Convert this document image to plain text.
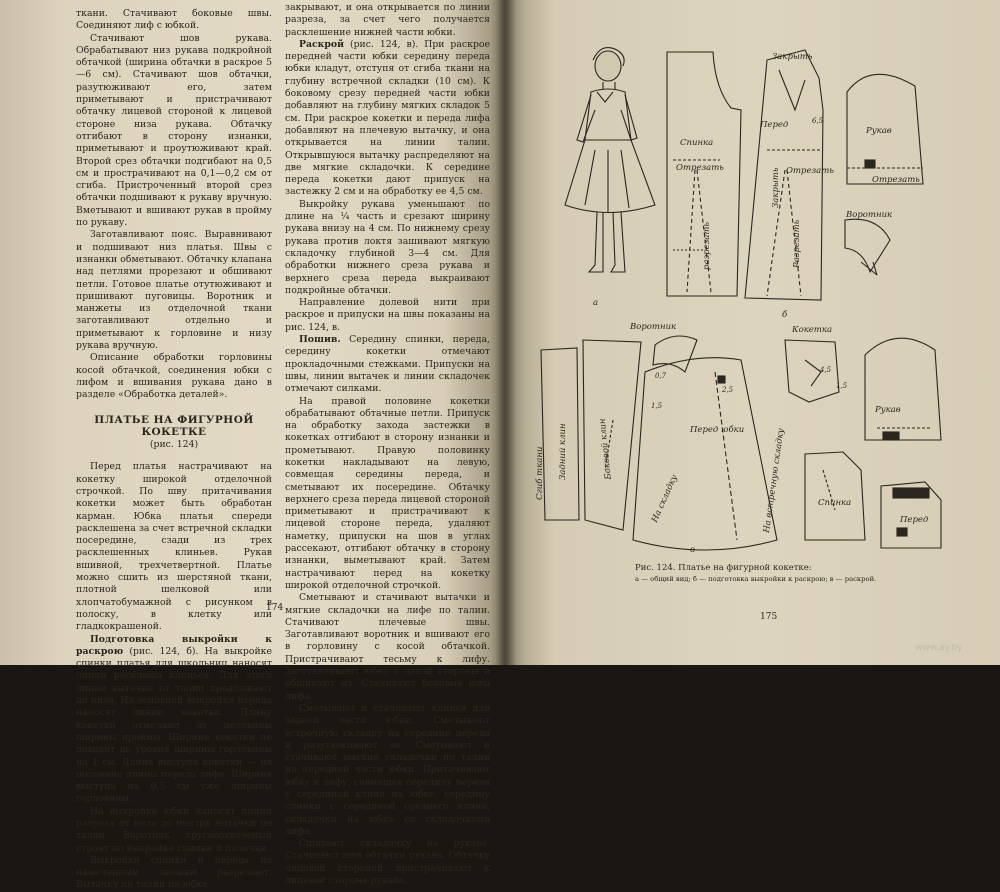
ткани. Стачивают боковые швы. Соединяют лиф с юбкой.

Стачивают шов рукава. Обрабатывают низ рукава подкройной обтачкой (ширина обтачки в раскрое 5—6 см). Стачивают шов обтачки, разутюживают его, затем приметывают и пристрачивают обтачку лицевой стороной к лицевой стороне низа рукава. Обтачку отгибают в сторону изнанки, приметывают и проутюживают край. Второй срез обтачки подгибают на 0,5 см и прострачивают на 0,1—0,2 см от сгиба. Пристроченный второй срез обтачки подшивают к рукаву вручную. Вметывают и вшивают рукав в пройму по рукаву.

Заготавливают пояс. Выравнивают и подшивают низ платья. Швы с изнанки обметывают. Обтачку клапана над петлями прорезают и обшивают петли. Готовое платье отутюживают и пришивают пуговицы. Воротник и манжеты из отделочной ткани заготавливают отдельно и приметывают к горловине и низу рукава вручную.

Описание обработки горловины косой обтачкой, соединения юбки с лифом и вшивания рукава дано в разделе «Обработка деталей».

ПЛАТЬЕ НА ФИГУРНОЙ КОКЕТКЕ
(рис. 124)

Перед платья настрачивают на кокетку широкой отделочной строчкой. По шву притачивания кокетки может быть обработан карман. Юбка платья спереди расклешена за счет встречной складки посередине, сзади из трех расклешенных клиньев. Рукав вшивной, трехчетвертной. Платье можно сшить из шерстяной ткани, плотной шелковой или хлопчатобумажной с рисунком в полоску, в клетку или гладкокрашеной.

Подготовка выкройки к раскрою (рис. 124, б). На выкройке спинки платья для школьниц наносят линии расклеша клиньев. Для этого линии вытачки от талии продолжают до низа. На основной выкройке переда наносят линии кокетки. Длину кокетки отмечают от половины ширины проймы. Ширина кокетки не доходит до уровня ширины горловины на 1 см. Длина выступа кокетки — на половине длины переда лифа. Ширина выступа на 0,5 см уже ширины горловины.

На выкройке юбки наносят линии разреза от низа до центра вытачки по талии. Воротник круглоохваченый строят по выкройке спинки и полочки.

Выкройки спинки и переда по намеченным линиям разрезают. Вытачку по талии на юбке

закрывают, и она открывается по линии разреза, за счет чего получается расклешение нижней части юбки.

Раскрой (рис. 124, в). При раскрое передней части юбки середину переда юбки кладут, отступя от сгиба ткани на глубину встречной складки (10 см). К боковому срезу передней части юбки добавляют на глубину мягких складок 5 см. При раскрое кокетки и переда лифа добавляют на плечевую вытачку, и она открывается на линии талии. Открывшуюся вытачку распределяют на две мягкие складочки. К середине переда кокетки дают припуск на застежку 2 см и на обработку ее 4,5 см.

Выкройку рукава уменьшают по длине на ¼ часть и срезают ширину рукава внизу на 4 см. По нижнему срезу рукава против локтя зашивают мягкую складочку глубиной 3—4 см. Для обработки нижнего среза рукава и верхнего среза переда выкраивают подкройные обтачки.

Направление долевой нити при раскрое и припуски на швы показаны на рис. 124, в.

Пошив. Середину спинки, переда, середину кокетки отмечают прокладочными стежками. Припуски на швы, линии вытачек и линии складочек отмечают силками.

На правой половине кокетки обрабатывают обтачные петли. Припуск на обработку захода застежки в кокетках отгибают в сторону изнанки и прометывают. Правую половинку кокетки накладывают на левую, совмещая середины переда, и сметывают их посередине. Обтачку верхнего среза переда лицевой стороной приметывают и пристрачивают к лицевой стороне переда, удаляют наметку, припуски на шов в углах рассекают, отгибают обтачку в сторону изнанки, выметывают край. Затем настрачивают перед на кокетку широкой отделочной строчкой.

Сметывают и стачивают вытачки и мягкие складочки на лифе по талии. Стачивают плечевые швы. Заготавливают воротник и вшивают его в горловину с косой обтачкой. Пристрачивают тесьму к лифу. Заготавливают юбку с левой стороны и обшивают их. Стачивают боковые швы лифа.

Сметывают и стачивают клинья для задней части юбки. Сметывают встречную складку на середине переда и разутюживают ее. Сметывают и стачивают мягкие складочки по талии на передней части юбки. Притачивают юбку к лифу, совмещая середину переда с серединой клина на юбке, середину спинки с серединой среднего клина, складочки на юбке со складочками лифа.

Сшивают складочку на рукаве. Стачивают шов обтачки рукава. Обтачку лицевой стороной пристрачивают к лицевой стороне рукава,

174
Спинка
Отрезать
разрезать
Закрыть
Перед
Закрыть
Разрезать
Отрезать
Рукав
Отрезать
Воротник
а
б
Воротник	Кокетка
Сгиб ткани Задний клин	Боковой клин	Перед юбки
На складку	На встречную складку
Рукав
Спинка
Перед
в
1,5
1,5
0,7
2,5
4,5
6,5
Рис. 124. Платье на фигурной кокетке:
а — общий вид; б — подготовка выкройки к раскрою; в — раскрой.
175
www.ay.by
